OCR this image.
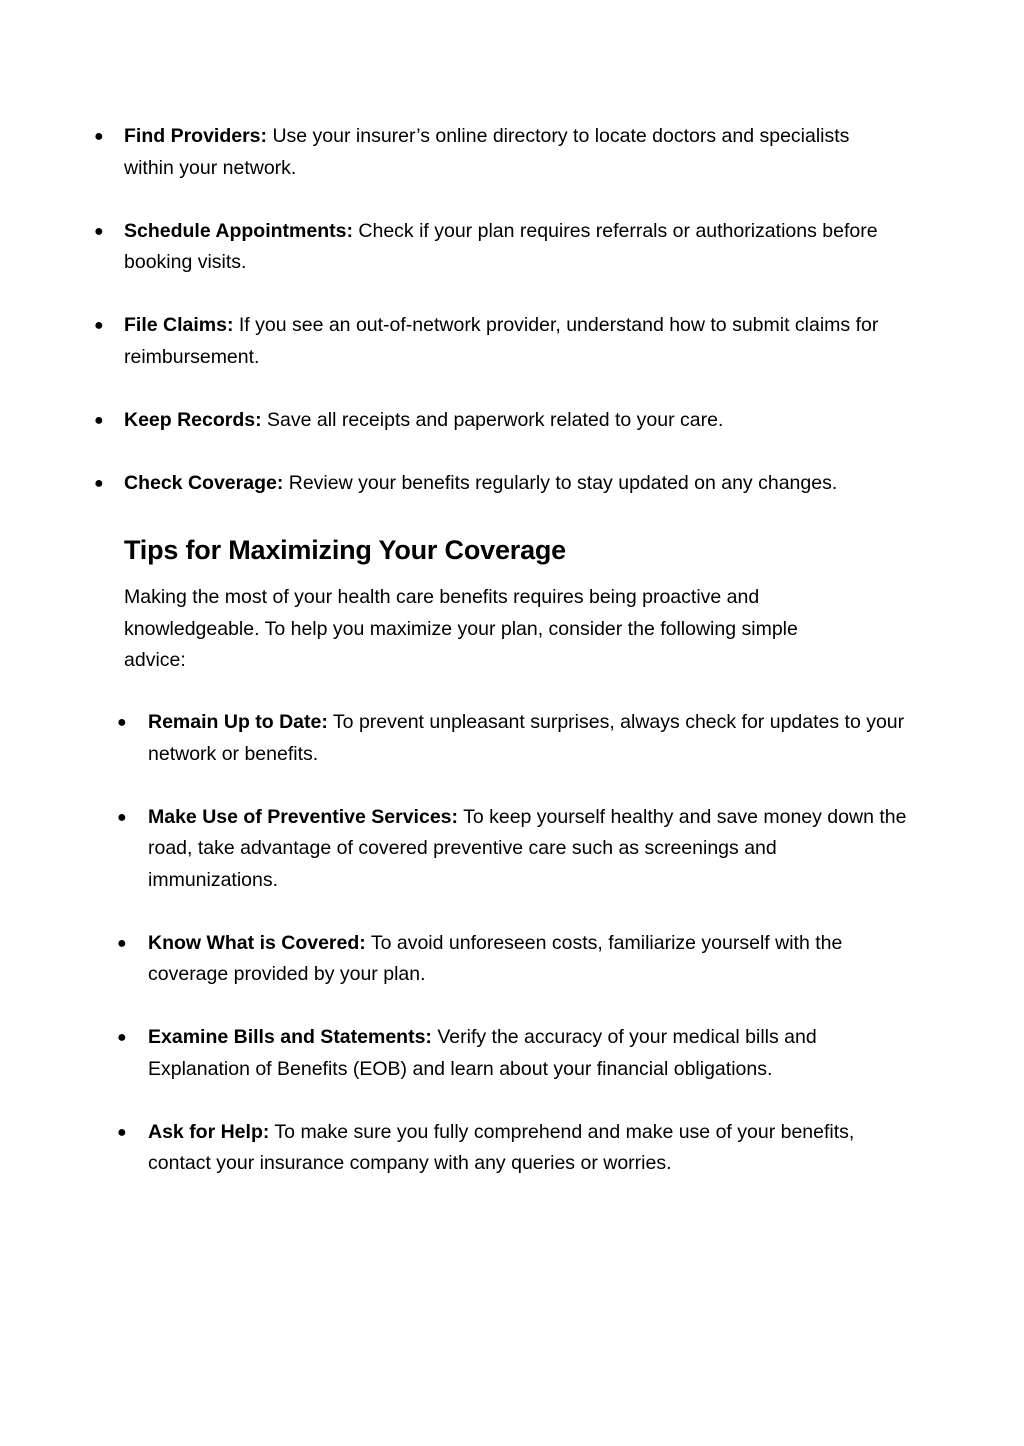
● Find Providers: Use your insurer’s online directory to locate doctors and specialists within your network.
● Schedule Appointments: Check if your plan requires referrals or authorizations before booking visits.
● File Claims: If you see an out-of-network provider, understand how to submit claims for reimbursement.
● Keep Records: Save all receipts and paperwork related to your care.
● Check Coverage: Review your benefits regularly to stay updated on any changes.
Tips for Maximizing Your Coverage

Making the most of your health care benefits requires being proactive and knowledgeable. To help you maximize your plan, consider the following simple advice:

● Remain Up to Date: To prevent unpleasant surprises, always check for updates to your network or benefits.
● Make Use of Preventive Services: To keep yourself healthy and save money down the road, take advantage of covered preventive care such as screenings and immunizations.
● Know What is Covered: To avoid unforeseen costs, familiarize yourself with the coverage provided by your plan.
● Examine Bills and Statements: Verify the accuracy of your medical bills and Explanation of Benefits (EOB) and learn about your financial obligations.
● Ask for Help: To make sure you fully comprehend and make use of your benefits, contact your insurance company with any queries or worries.
